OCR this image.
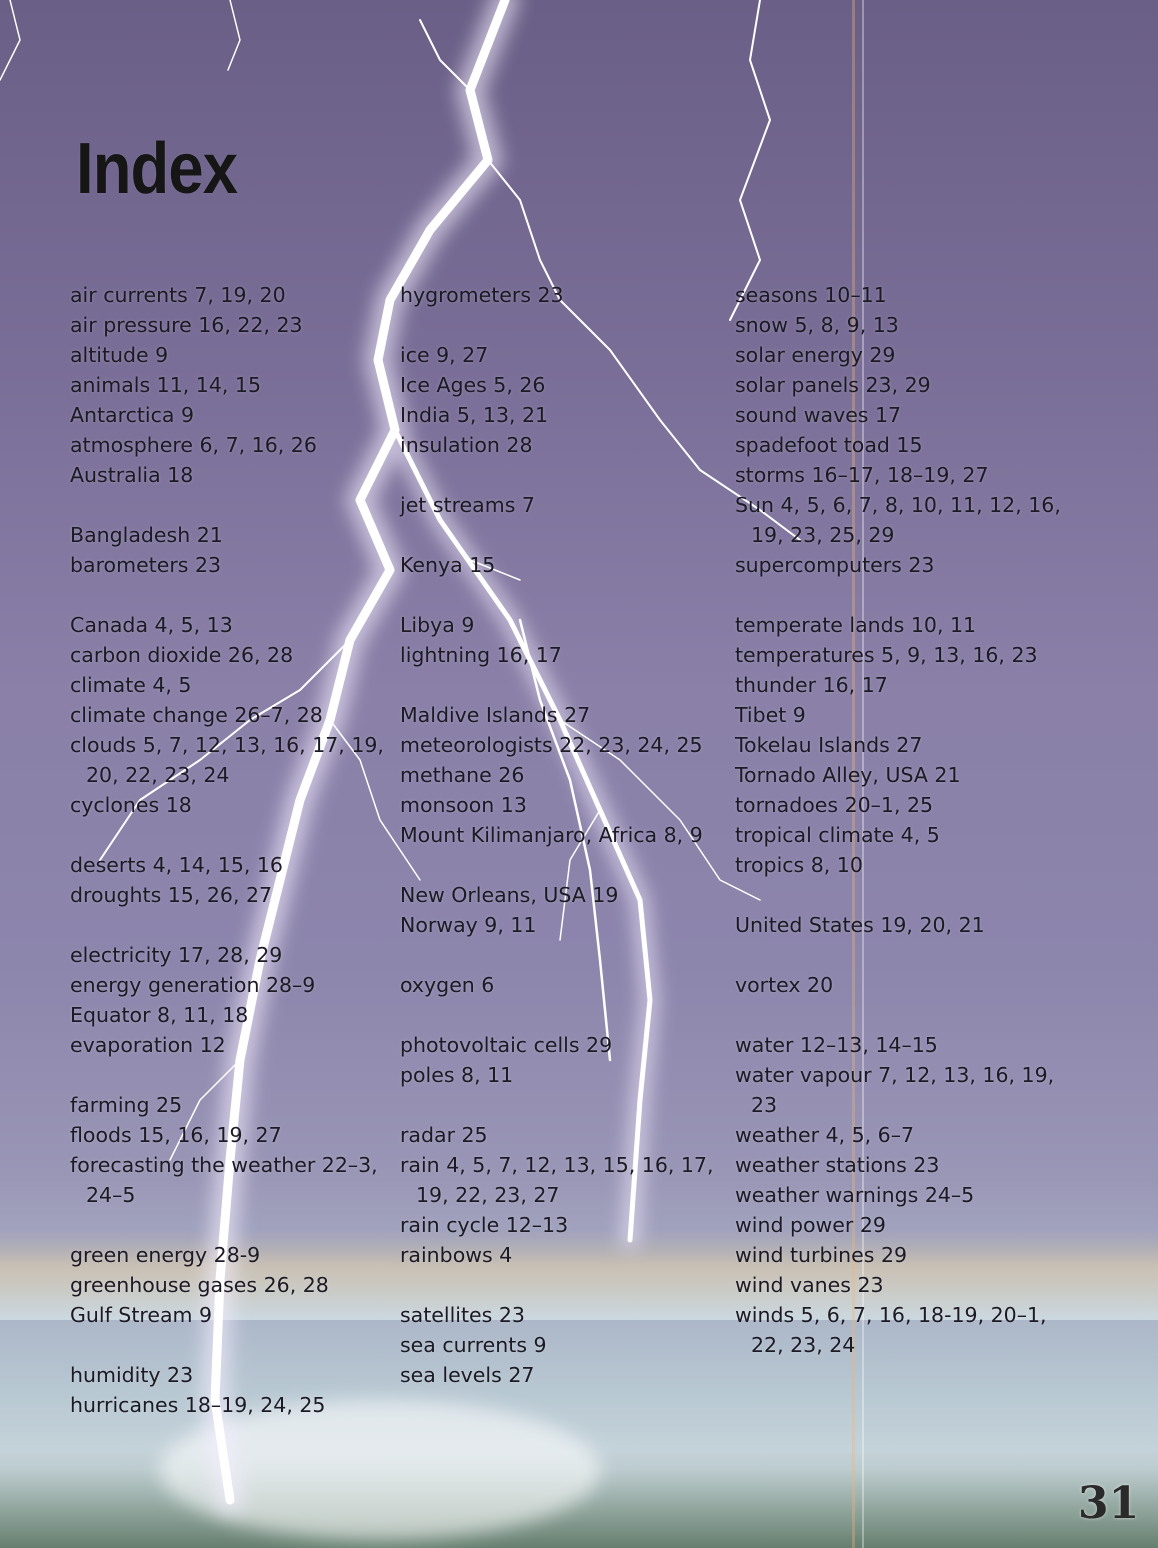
Index
air currents 7, 19, 20
air pressure 16, 22, 23
altitude 9
animals 11, 14, 15
Antarctica 9
atmosphere 6, 7, 16, 26
Australia 18
Bangladesh 21
barometers 23
Canada 4, 5, 13
carbon dioxide 26, 28
climate 4, 5
climate change 26–7, 28
clouds 5, 7, 12, 13, 16, 17, 19, 20, 22, 23, 24
cyclones 18
deserts 4, 14, 15, 16
droughts 15, 26, 27
electricity 17, 28, 29
energy generation 28–9
Equator 8, 11, 18
evaporation 12
farming 25
floods 15, 16, 19, 27
forecasting the weather 22–3, 24–5
green energy 28-9
greenhouse gases 26, 28
Gulf Stream 9
humidity 23
hurricanes 18–19, 24, 25
hygrometers 23
ice 9, 27
Ice Ages 5, 26
India 5, 13, 21
insulation 28
jet streams 7
Kenya 15
Libya 9
lightning 16, 17
Maldive Islands 27
meteorologists 22, 23, 24, 25
methane 26
monsoon 13
Mount Kilimanjaro, Africa 8, 9
New Orleans, USA 19
Norway 9, 11
oxygen 6
photovoltaic cells 29
poles 8, 11
radar 25
rain 4, 5, 7, 12, 13, 15, 16, 17, 19, 22, 23, 27
rain cycle 12–13
rainbows 4
satellites 23
sea currents 9
sea levels 27
seasons 10–11
snow 5, 8, 9, 13
solar energy 29
solar panels 23, 29
sound waves 17
spadefoot toad 15
storms 16–17, 18–19, 27
Sun 4, 5, 6, 7, 8, 10, 11, 12, 16, 19, 23, 25, 29
supercomputers 23
temperate lands 10, 11
temperatures 5, 9, 13, 16, 23
thunder 16, 17
Tibet 9
Tokelau Islands 27
Tornado Alley, USA 21
tornadoes 20–1, 25
tropical climate 4, 5
tropics 8, 10
United States 19, 20, 21
vortex 20
water 12–13, 14–15
water vapour 7, 12, 13, 16, 19, 23
weather 4, 5, 6–7
weather stations 23
weather warnings 24–5
wind power 29
wind turbines 29
wind vanes 23
winds 5, 6, 7, 16, 18-19, 20–1, 22, 23, 24
31
